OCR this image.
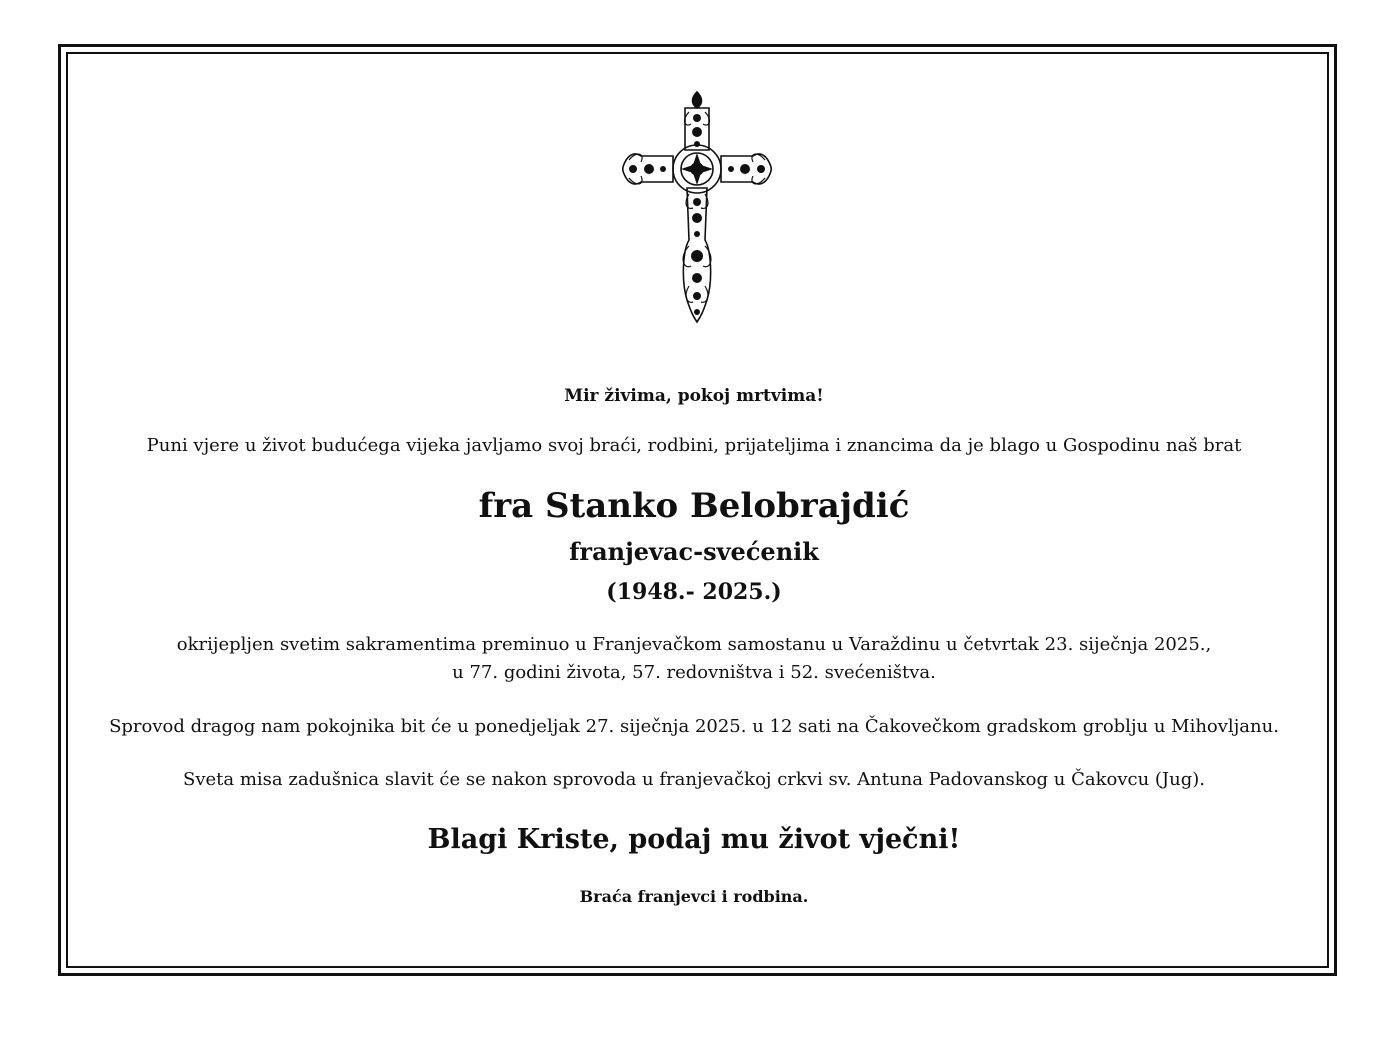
Mir živima, pokoj mrtvima!
Puni vjere u život budućega vijeka javljamo svoj braći, rodbini, prijateljima i znancima da je blago u Gospodinu naš brat
fra Stanko Belobrajdić
franjevac-svećenik
(1948.- 2025.)
okrijepljen svetim sakramentima preminuo u Franjevačkom samostanu u Varaždinu u četvrtak 23. siječnja 2025.,
u 77. godini života, 57. redovništva i 52. svećeništva.
Sprovod dragog nam pokojnika bit će u ponedjeljak 27. siječnja 2025. u 12 sati na Čakovečkom gradskom groblju u Mihovljanu.
Sveta misa zadušnica slavit će se nakon sprovoda u franjevačkoj crkvi sv. Antuna Padovanskog u Čakovcu (Jug).
Blagi Kriste, podaj mu život vječni!
Braća franjevci i rodbina.
